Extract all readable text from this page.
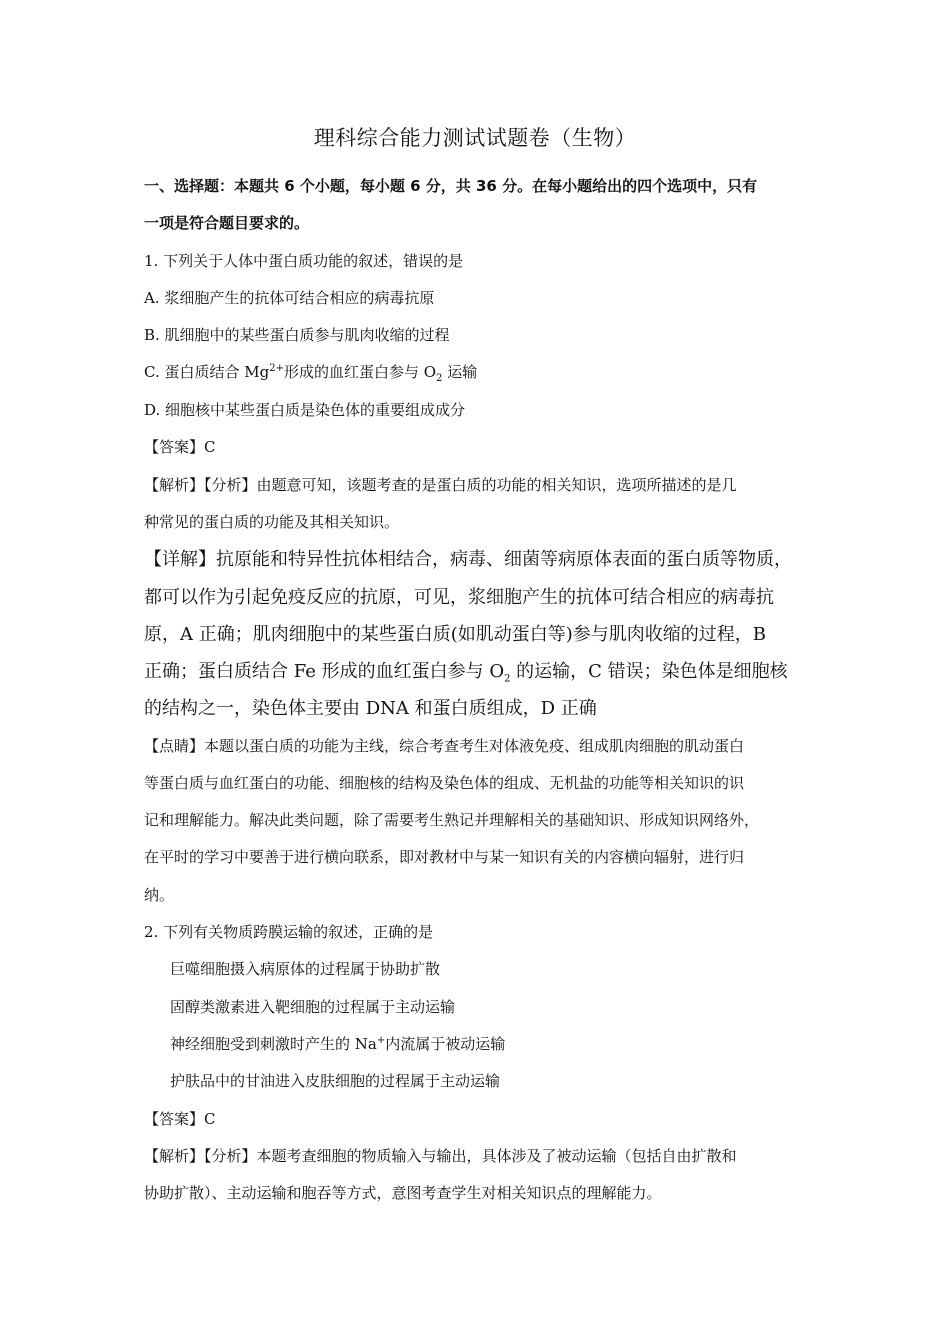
理科综合能力测试试题卷（生物）
一、选择题：本题共 6 个小题，每小题 6 分，共 36 分。在每小题给出的四个选项中，只有
一项是符合题目要求的。
1. 下列关于人体中蛋白质功能的叙述，错误的是
A. 浆细胞产生的抗体可结合相应的病毒抗原
B. 肌细胞中的某些蛋白质参与肌肉收缩的过程
C. 蛋白质结合 $Mg^{2+}$形成的血红蛋白参与 $O_2$ 运输
D. 细胞核中某些蛋白质是染色体的重要组成成分
【答案】C
【解析】【分析】由题意可知，该题考查的是蛋白质的功能的相关知识，选项所描述的是几
种常见的蛋白质的功能及其相关知识。
【详解】抗原能和特异性抗体相结合，病毒、细菌等病原体表面的蛋白质等物质，
都可以作为引起免疫反应的抗原，可见，浆细胞产生的抗体可结合相应的病毒抗
原，A 正确；肌肉细胞中的某些蛋白质(如肌动蛋白等)参与肌肉收缩的过程，B
正确；蛋白质结合 Fe 形成的血红蛋白参与 $O_2$ 的运输，C 错误；染色体是细胞核
的结构之一，染色体主要由 DNA 和蛋白质组成，D 正确
【点睛】本题以蛋白质的功能为主线，综合考查考生对体液免疫、组成肌肉细胞的肌动蛋白
等蛋白质与血红蛋白的功能、细胞核的结构及染色体的组成、无机盐的功能等相关知识的识
记和理解能力。解决此类问题，除了需要考生熟记并理解相关的基础知识、形成知识网络外，
在平时的学习中要善于进行横向联系，即对教材中与某一知识有关的内容横向辐射，进行归
纳。
2. 下列有关物质跨膜运输的叙述，正确的是
巨噬细胞摄入病原体的过程属于协助扩散
固醇类激素进入靶细胞的过程属于主动运输
神经细胞受到刺激时产生的 Na+内流属于被动运输
护肤品中的甘油进入皮肤细胞的过程属于主动运输
【答案】C
【解析】【分析】本题考查细胞的物质输入与输出，具体涉及了被动运输（包括自由扩散和
协助扩散）、主动运输和胞吞等方式，意图考查学生对相关知识点的理解能力。
